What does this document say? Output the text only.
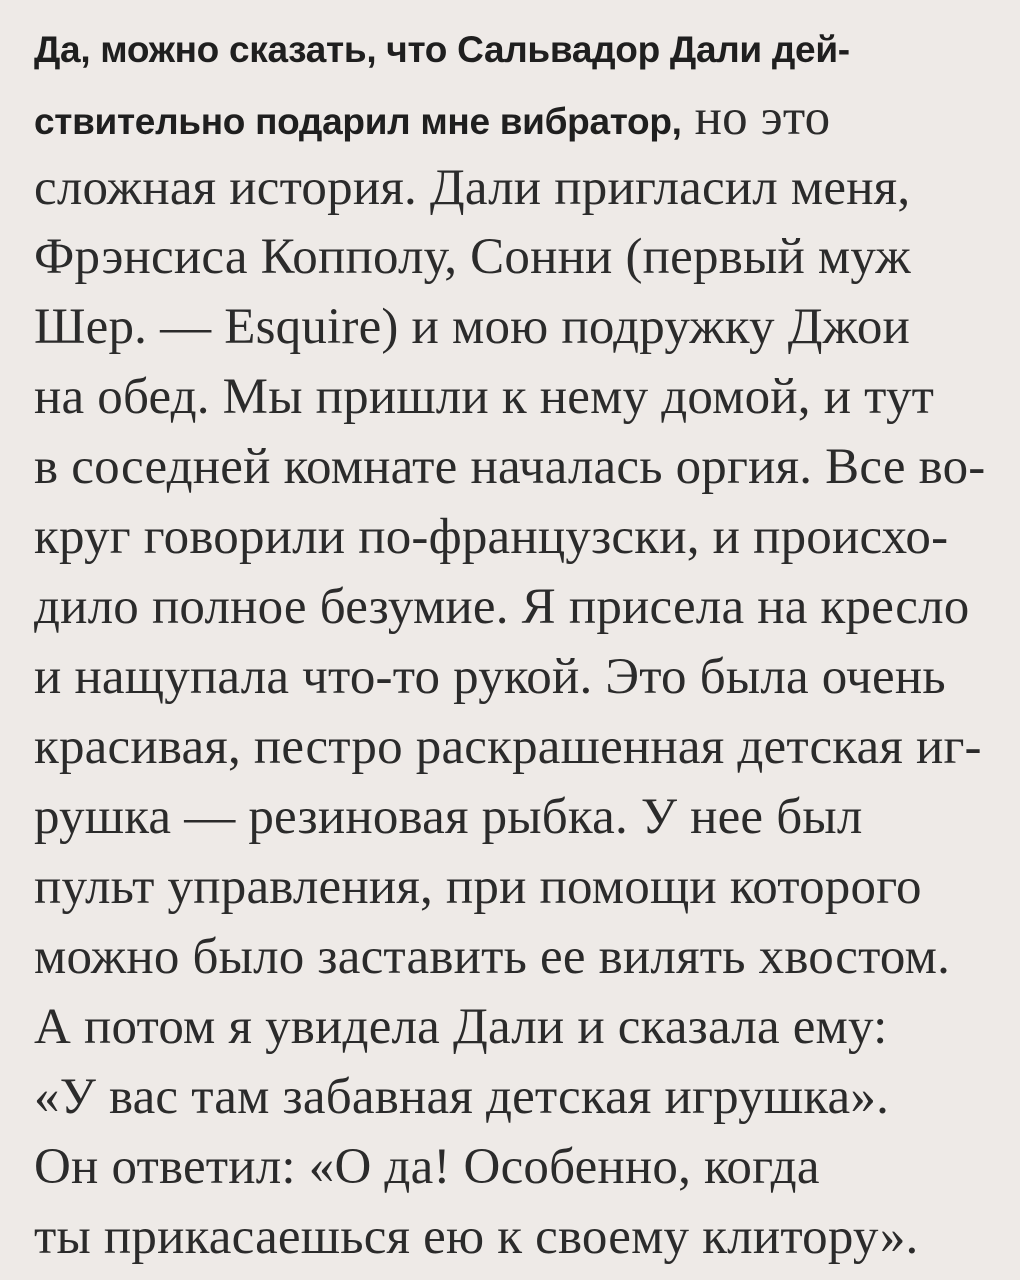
Да, можно сказать, что Сальвадор Дали дей-
ствительно подарил мне вибратор, но это
сложная история. Дали пригласил меня,
Фрэнсиса Копполу, Сонни (первый муж
Шер. — Esquire) и мою подружку Джои
на обед. Мы пришли к нему домой, и тут
в соседней комнате началась оргия. Все во-
круг говорили по-французски, и происхо-
дило полное безумие. Я присела на кресло
и нащупала что-то рукой. Это была очень
красивая, пестро раскрашенная детская иг-
рушка — резиновая рыбка. У нее был
пульт управления, при помощи которого
можно было заставить ее вилять хвостом.
А потом я увидела Дали и сказала ему:
«У вас там забавная детская игрушка».
Он ответил: «О да! Особенно, когда
ты прикасаешься ею к своему клитору».
